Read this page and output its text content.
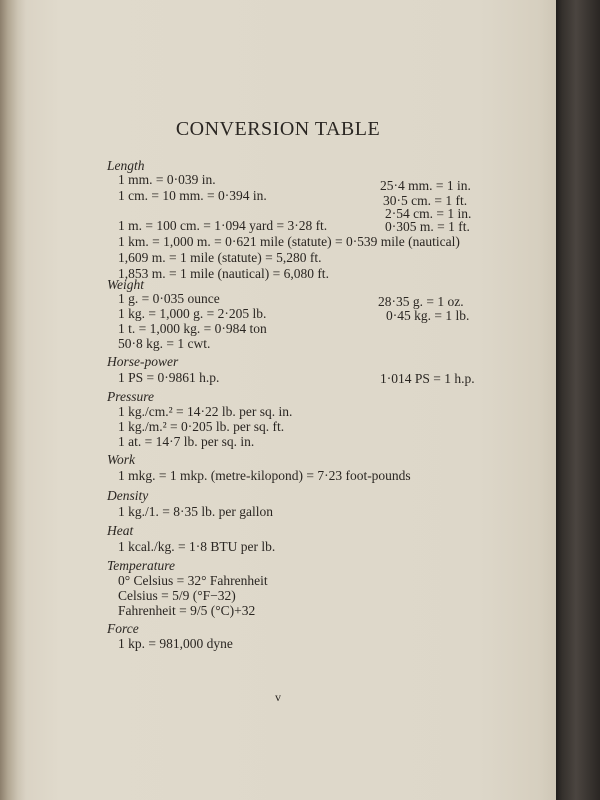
CONVERSION TABLE
Length
1 mm. = 0·039 in.
1 cm. = 10 mm. = 0·394 in.
1 m. = 100 cm. = 1·094 yard = 3·28 ft.
1 km. = 1,000 m. = 0·621 mile (statute) = 0·539 mile (nautical)
1,609 m. = 1 mile (statute) = 5,280 ft.
1,853 m. = 1 mile (nautical) = 6,080 ft.
25·4 mm. = 1 in.
30·5 cm. = 1 ft.
2·54 cm. = 1 in.
0·305 m. = 1 ft.
Weight
1 g. = 0·035 ounce
1 kg. = 1,000 g. = 2·205 lb.
1 t. = 1,000 kg. = 0·984 ton
50·8 kg. = 1 cwt.
28·35 g. = 1 oz.
0·45 kg. = 1 lb.
Horse-power
1 PS = 0·9861 h.p.	1·014 PS = 1 h.p.
Pressure
1 kg./cm.² = 14·22 lb. per sq. in.
1 kg./m.² = 0·205 lb. per sq. ft.
1 at. = 14·7 lb. per sq. in.
Work
1 mkg. = 1 mkp. (metre-kilopond) = 7·23 foot-pounds
Density
1 kg./1. = 8·35 lb. per gallon
Heat
1 kcal./kg. = 1·8 BTU per lb.
Temperature
0° Celsius = 32° Fahrenheit
Celsius = 5/9 (°F−32)
Fahrenheit = 9/5 (°C)+32
Force
1 kp. = 981,000 dyne
v
